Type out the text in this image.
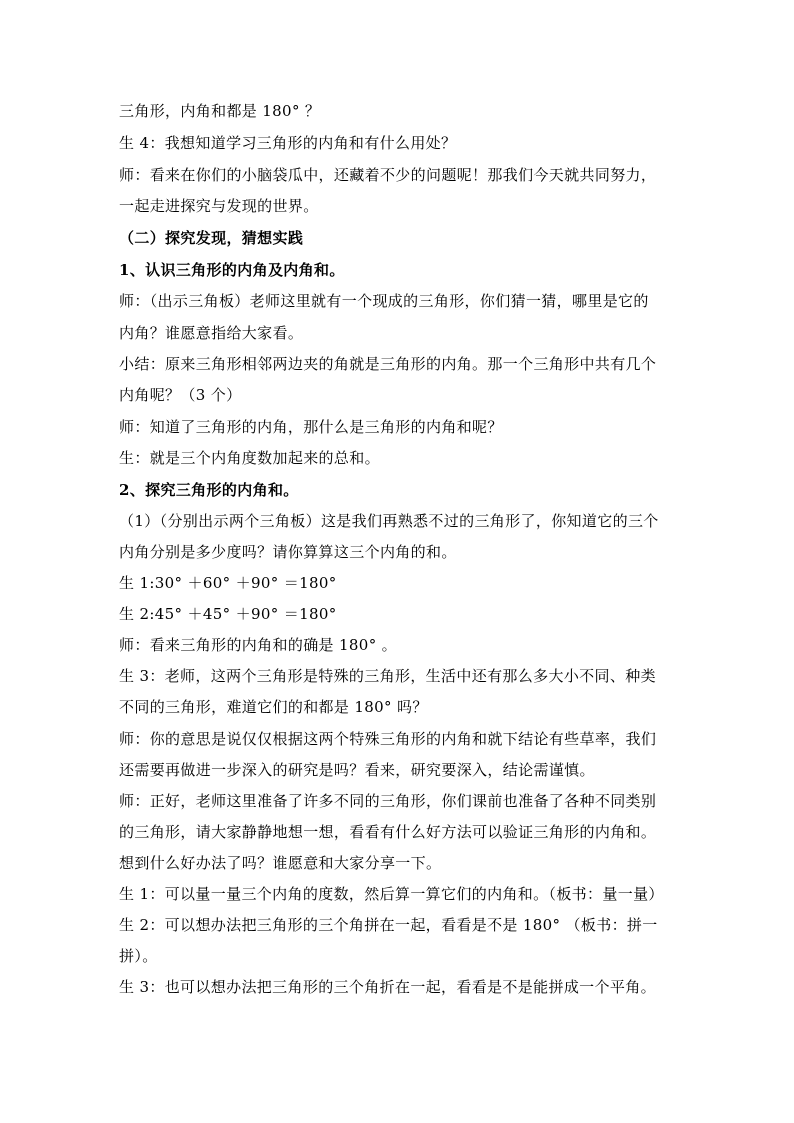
三角形，内角和都是 180° ？
生 4：我想知道学习三角形的内角和有什么用处？
师：看来在你们的小脑袋瓜中，还藏着不少的问题呢！那我们今天就共同努力，
一起走进探究与发现的世界。
（二）探究发现，猜想实践
1、认识三角形的内角及内角和。
师：（出示三角板）老师这里就有一个现成的三角形，你们猜一猜，哪里是它的
内角？谁愿意指给大家看。
小结：原来三角形相邻两边夹的角就是三角形的内角。那一个三角形中共有几个
内角呢？（3 个）
师：知道了三角形的内角，那什么是三角形的内角和呢？
生：就是三个内角度数加起来的总和。
2、探究三角形的内角和。
（1）（分别出示两个三角板）这是我们再熟悉不过的三角形了，你知道它的三个
内角分别是多少度吗？请你算算这三个内角的和。
生 1:30° ＋60° ＋90° ＝180°
生 2:45° ＋45° ＋90° ＝180°
师：看来三角形的内角和的确是 180° 。
生 3：老师，这两个三角形是特殊的三角形，生活中还有那么多大小不同、种类
不同的三角形，难道它们的和都是 180° 吗？
师：你的意思是说仅仅根据这两个特殊三角形的内角和就下结论有些草率，我们
还需要再做进一步深入的研究是吗？看来，研究要深入，结论需谨慎。
师：正好，老师这里准备了许多不同的三角形，你们课前也准备了各种不同类别
的三角形，请大家静静地想一想，看看有什么好方法可以验证三角形的内角和。
想到什么好办法了吗？谁愿意和大家分享一下。
生 1：可以量一量三个内角的度数，然后算一算它们的内角和。（板书：量一量）
生 2：可以想办法把三角形的三个角拼在一起，看看是不是 180° （板书：拼一
拼）。
生 3：也可以想办法把三角形的三个角折在一起，看看是不是能拼成一个平角。
